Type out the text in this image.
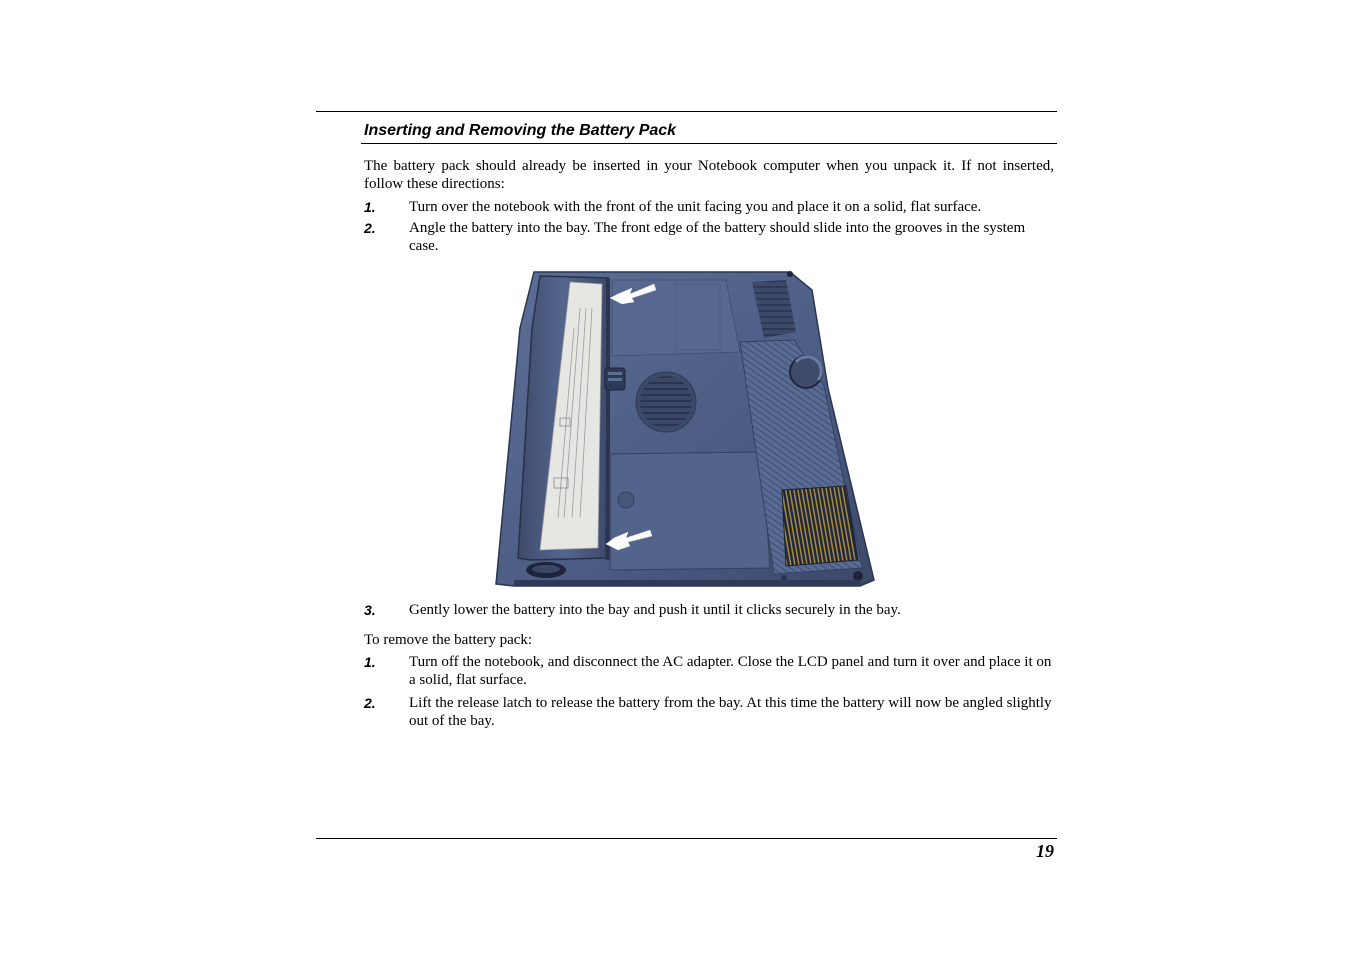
Inserting and Removing the Battery Pack
The battery pack should already be inserted in your Notebook computer when you unpack it. If not inserted, follow these directions:
1. Turn over the notebook with the front of the unit facing you and place it on a solid, flat surface.
2. Angle the battery into the bay. The front edge of the battery should slide into the grooves in the system case.
3. Gently lower the battery into the bay and push it until it clicks securely in the bay.
To remove the battery pack:
1. Turn off the notebook, and disconnect the AC adapter. Close the LCD panel and turn it over and place it on a solid, flat surface.
2. Lift the release latch to release the battery from the bay. At this time the battery will now be angled slightly out of the bay.
19
